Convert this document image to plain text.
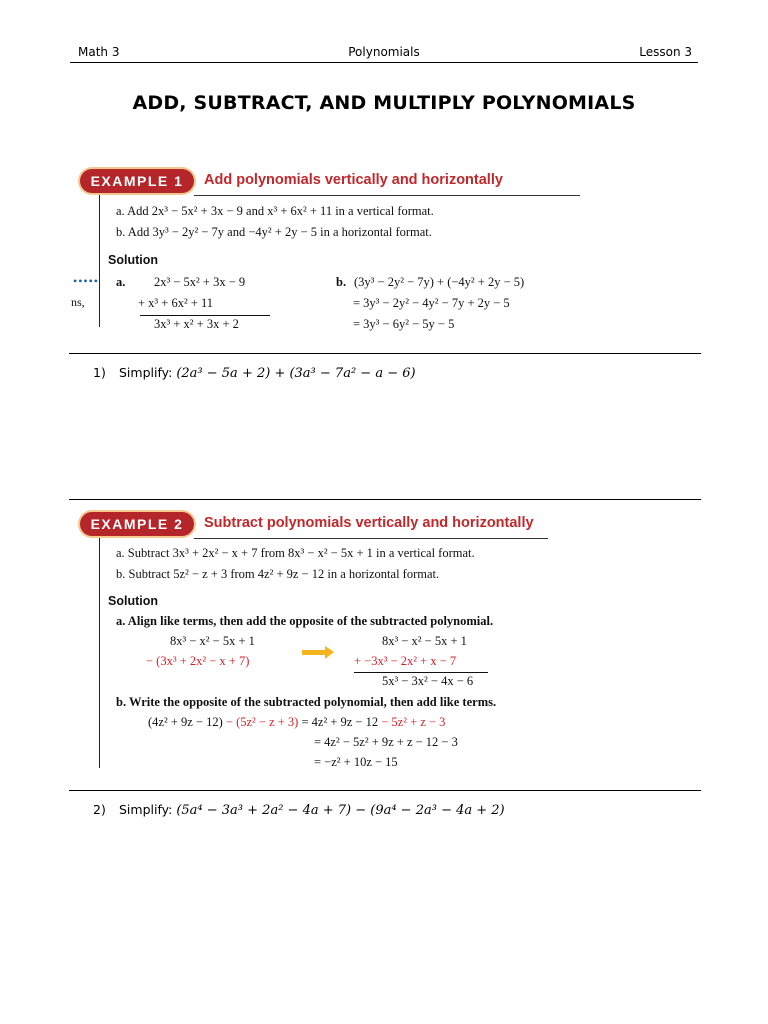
Math 3	Polynomials	Lesson 3
ADD, SUBTRACT, AND MULTIPLY POLYNOMIALS
EXAMPLE 1	Add polynomials vertically and horizontally
a. Add 2x³ − 5x² + 3x − 9 and x³ + 6x² + 11 in a vertical format.
b. Add 3y³ − 2y² − 7y and −4y² + 2y − 5 in a horizontal format.
Solution
•••••
ns,
a. 2x³ − 5x² + 3x − 9
+ x³ + 6x² + 11
3x³ + x² + 3x + 2
b. (3y³ − 2y² − 7y) + (−4y² + 2y − 5)
= 3y³ − 2y² − 4y² − 7y + 2y − 5
= 3y³ − 6y² − 5y − 5
1) Simplify: (2a³ − 5a + 2) + (3a³ − 7a² − a − 6)
EXAMPLE 2	Subtract polynomials vertically and horizontally
a. Subtract 3x³ + 2x² − x + 7 from 8x³ − x² − 5x + 1 in a vertical format.
b. Subtract 5z² − z + 3 from 4z² + 9z − 12 in a horizontal format.
Solution
a. Align like terms, then add the opposite of the subtracted polynomial.
8x³ − x² − 5x + 1
− (3x³ + 2x² − x + 7)
8x³ − x² − 5x + 1
+ −3x³ − 2x² + x − 7
5x³ − 3x² − 4x − 6
b. Write the opposite of the subtracted polynomial, then add like terms.
(4z² + 9z − 12) − (5z² − z + 3) = 4z² + 9z − 12 − 5z² + z − 3
= 4z² − 5z² + 9z + z − 12 − 3
= −z² + 10z − 15
2) Simplify: (5a⁴ − 3a³ + 2a² − 4a + 7) − (9a⁴ − 2a³ − 4a + 2)
